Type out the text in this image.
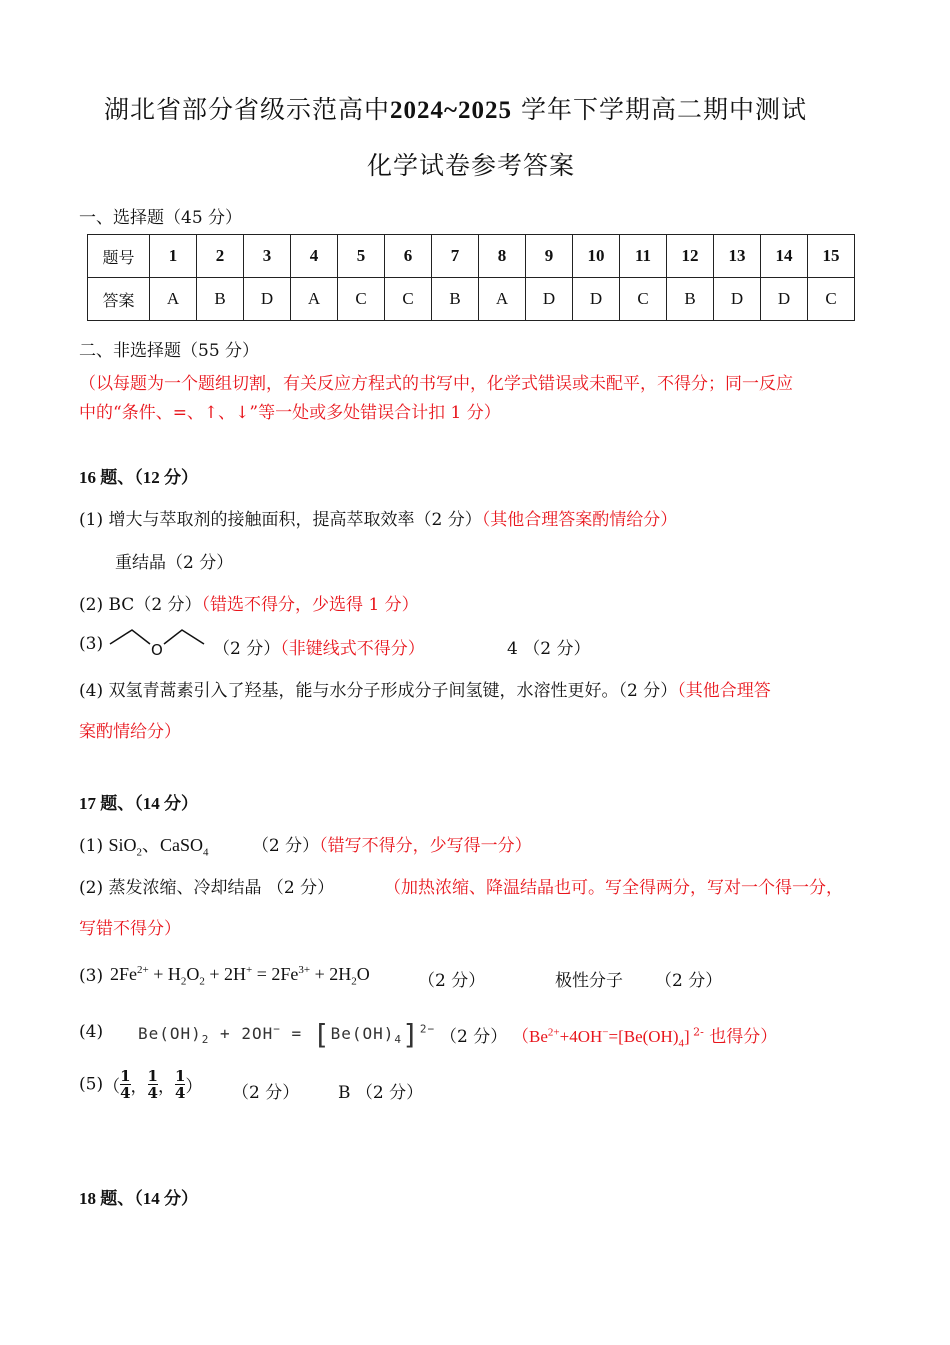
湖北省部分省级示范高中2024~2025 学年下学期高二期中测试
化学试卷参考答案
一、选择题（45 分）
题号	1	2	3	4	5	6	7	8	9	10	11	12	13	14	15
答案	A	B	D	A	C	C	B	A	D	D	C	B	D	D	C
二、非选择题（55 分）
（以每题为一个题组切割，有关反应方程式的书写中，化学式错误或未配平，不得分；同一反应
中的“条件、=、↑、↓”等一处或多处错误合计扣 1 分）
16 题、（12 分）
(1) 增大与萃取剂的接触面积，提高萃取效率（2 分）（其他合理答案酌情给分）
重结晶（2 分）
(2) BC（2 分）（错选不得分，少选得 1 分）
(3)	O	（2 分）（非键线式不得分）	4 （2 分）
(4) 双氢青蒿素引入了羟基，能与水分子形成分子间氢键，水溶性更好。（2 分）（其他合理答
案酌情给分）
17 题、（14 分）
(1) SiO$_2$、CaSO$_4$	（2 分）（错写不得分，少写得一分）
(2) 蒸发浓缩、冷却结晶 （2 分）	（加热浓缩、降温结晶也可。写全得两分，写对一个得一分，
写错不得分）
(3) $2Fe^{2+} + H_2O_2 + 2H^+ = 2Fe^{3+} + 2H_2O$	（2 分）	极性分子 （2 分）
(4) $Be(OH)_2 + 2OH^- = [Be(OH)_4]^{2-}$ （2 分） （$Be^{2+}+4OH^-=[Be(OH)_4]$ $^{2-}$ 也得分）
$(5)( \frac{1}{4}$ ， $\frac{1}{4}$ ， $\frac{1}{4}$ ） （2 分） B （2 分）
18 题、（14 分）
